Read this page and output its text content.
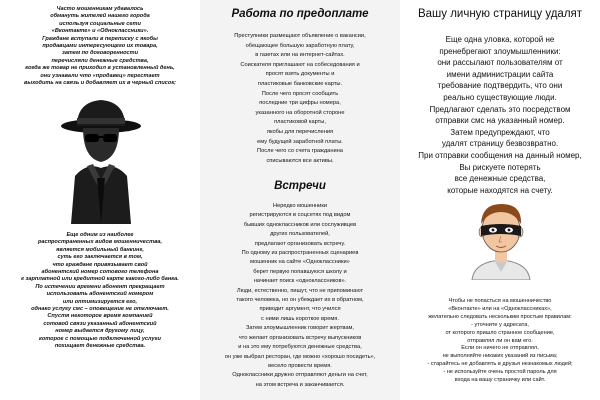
Часто мошенникам удавалось
обмануть жителей нашего города
используя социальные сети
«Вконтакте» и «Одноклассники».
Граждане вступали в переписку с якобы
продавцами интересующего их товара,
затем по договоренности
перечисляли денежные средства,
когда же товар не приходил в установленный день,
они узнавали что «продавец» перестает
выходить на связь и добавляет их в черный список;
Еще одним из наиболее
распространенных видов мошенничества,
является мобильный банкинг,
суть его заключается в том,
что граждане привязывает свой
абонентский номер сотового телефона
к зарплатной или кредитной карте какого-либо банка.
По истечении времени абонент прекращает
использовать абонентский номером
или оптимизируется его,
однако услугу смс – оповещение не отключает.
Спустя некоторое время компанией
сотовой связи указанный абонентский
номер выдается другому лицу,
которое с помощью подключенной услуги
похищает денежные средства.
Работа по предоплате
Преступники размещают объявление о вакансии,
обещающее большую заработную плату,
в газетах или на интернет-сайтах.
Соискателя приглашают на собеседования и
просят взять документы и
пластиковые банковские карты.
После чего просят сообщить
последние три цифры номера,
указанного на оборотной стороне
пластиковой карты,
якобы для перечисления
ему будущей заработной платы.
После чего со счета гражданина
списываются все активы.
Встречи
Нередко мошенники
регистрируются в соцсетях под видом
бывших одноклассников или сослуживцев
других пользователей,
предлагают организовать встречу.
По одному из распространенных сценариев
мошенник на сайте «Одноклассники»
берет первую попавшуюся школу и
начинает поиск «одноклассников».
Люди, естественно, пишут, что не припоминают
такого человека, но он убеждает их в обратном,
приводит аргумент, что учился
с ними лишь короткое время.
Затем злоумышленник говорит жертвам,
что желает организовать встречу выпускников
и на это ему потребуются денежные средства,
он уже выбрал ресторан, где можно «хорошо посидеть»,
весело провести время.
Одноклассники дружно отправляют деньги на счет,
на этом встреча и заканчивается.
Вашу личную страницу удалят
Еще одна уловка, которой не
пренебрегают злоумышленники:
они рассылают пользователям от
имени администрации сайта
требование подтвердить, что они
реально существующие люди.
Предлагают сделать это посредством
отправки смс на указанный номер.
Затем предупреждают, что
удалят страницу безвозвратно.
При отправки сообщения на данный номер,
Вы рискуете потерять
все денежные средства,
которые находятся на счету.
Чтобы не попасться на мошенничество
«Вконтакте» или на «Одноклассниках»,
желательно следовать нескольким простым правилам:
- уточните у адресата,
от которого пришло странное сообщение,
отправлял ли он вам его.
Если он ничего не отправлял,
не выполняйте никаких указаний из письма;
- старайтесь не добавлять в друзья незнакомых людей;
- не используйте очень простой пароль для
входа на вашу страничку или сайт.
